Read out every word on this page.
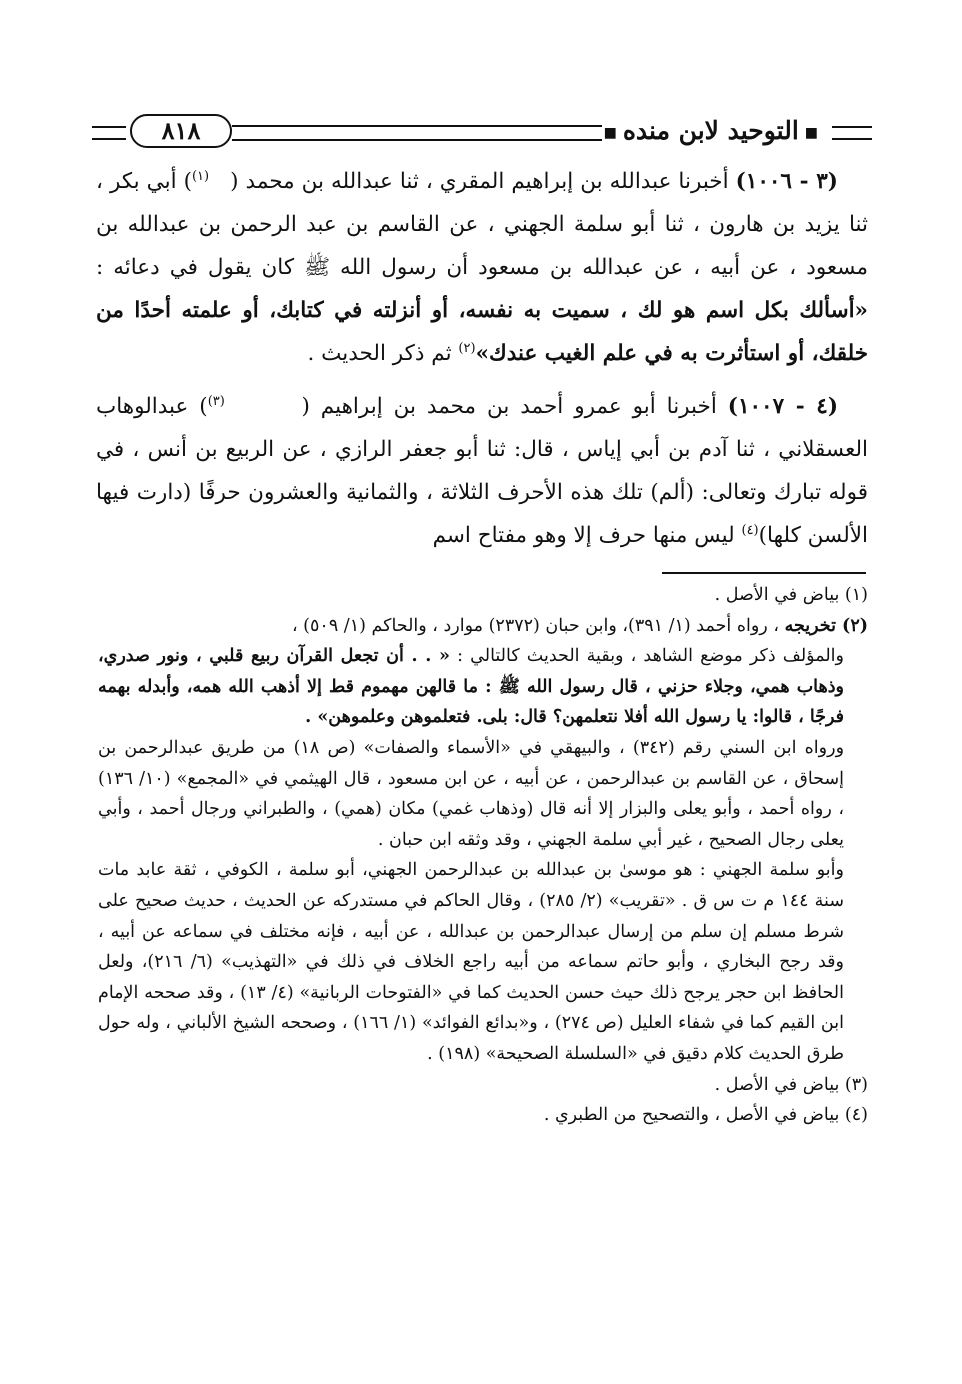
■التوحيد لابن منده■
٨١٨

(٣ - ١٠٠٦) أخبرنا عبدالله بن إبراهيم المقري ، ثنا عبدالله بن محمد (   $^{(١)}$) أبي بكر ، ثنا يزيد بن هارون ، ثنا أبو سلمة الجهني ، عن القاسم بن عبد الرحمن بن عبدالله بن مسعود ، عن أبيه ، عن عبدالله بن مسعود أن رسول الله ﷺ كان يقول في دعائه : «أسألك بكل اسم هو لك ، سميت به نفسه، أو أنزلته في كتابك، أو علمته أحدًا من خلقك، أو استأثرت به في علم الغيب عندك»$^{(٢)}$ ثم ذكر الحديث .

(٤ - ١٠٠٧) أخبرنا أبو عمرو أحمد بن محمد بن إبراهيم (       $^{(٣)}$) عبدالوهاب العسقلاني ، ثنا آدم بن أبي إياس ، قال: ثنا أبو جعفر الرازي ، عن الربيع بن أنس ، في قوله تبارك وتعالى: (ألم) تلك هذه الأحرف الثلاثة ، والثمانية والعشرون حرفًا (دارت فيها الألسن كلها)$^{(٤)}$ ليس منها حرف إلا وهو مفتاح اسم

(١) بياض في الأصل .

(٢) تخريجه ، رواه أحمد (١/ ٣٩١)، وابن حبان (٢٣٧٢) موارد ، والحاكم (١/ ٥٠٩) ،

والمؤلف ذكر موضع الشاهد ، وبقية الحديث كالتالي : « . . أن تجعل القرآن ربيع قلبي ، ونور صدري، وذهاب همي، وجلاء حزني ، قال رسول الله ﷺ : ما قالهن مهموم قط إلا أذهب الله همه، وأبدله بهمه فرجًا ، قالوا: يا رسول الله أفلا نتعلمهن؟ قال: بلى. فتعلموهن وعلموهن» .

ورواه ابن السني رقم (٣٤٢) ، والبيهقي في «الأسماء والصفات» (ص ١٨) من طريق عبدالرحمن بن إسحاق ، عن القاسم بن عبدالرحمن ، عن أبيه ، عن ابن مسعود ، قال الهيثمي في «المجمع» (١٠/ ١٣٦) ، رواه أحمد ، وأبو يعلى والبزار إلا أنه قال (وذهاب غمي) مكان (همي) ، والطبراني ورجال أحمد ، وأبي يعلى رجال الصحيح ، غير أبي سلمة الجهني ، وقد وثقه ابن حبان .

وأبو سلمة الجهني : هو موسىٰ بن عبدالله بن عبدالرحمن الجهني، أبو سلمة ، الكوفي ، ثقة عابد مات سنة ١٤٤ م ت س ق . «تقريب» (٢/ ٢٨٥) ، وقال الحاكم في مستدركه عن الحديث ، حديث صحيح على شرط مسلم إن سلم من إرسال عبدالرحمن بن عبدالله ، عن أبيه ، فإنه مختلف في سماعه عن أبيه ، وقد رجح البخاري ، وأبو حاتم سماعه من أبيه راجع الخلاف في ذلك في «التهذيب» (٦/ ٢١٦)، ولعل الحافظ ابن حجر يرجح ذلك حيث حسن الحديث كما في «الفتوحات الربانية» (٤/ ١٣) ، وقد صححه الإمام ابن القيم كما في شفاء العليل (ص ٢٧٤) ، و«بدائع الفوائد» (١/ ١٦٦) ، وصححه الشيخ الألباني ، وله حول طرق الحديث كلام دقيق في «السلسلة الصحيحة» (١٩٨) .

(٣) بياض في الأصل .

(٤) بياض في الأصل ، والتصحيح من الطبري .
